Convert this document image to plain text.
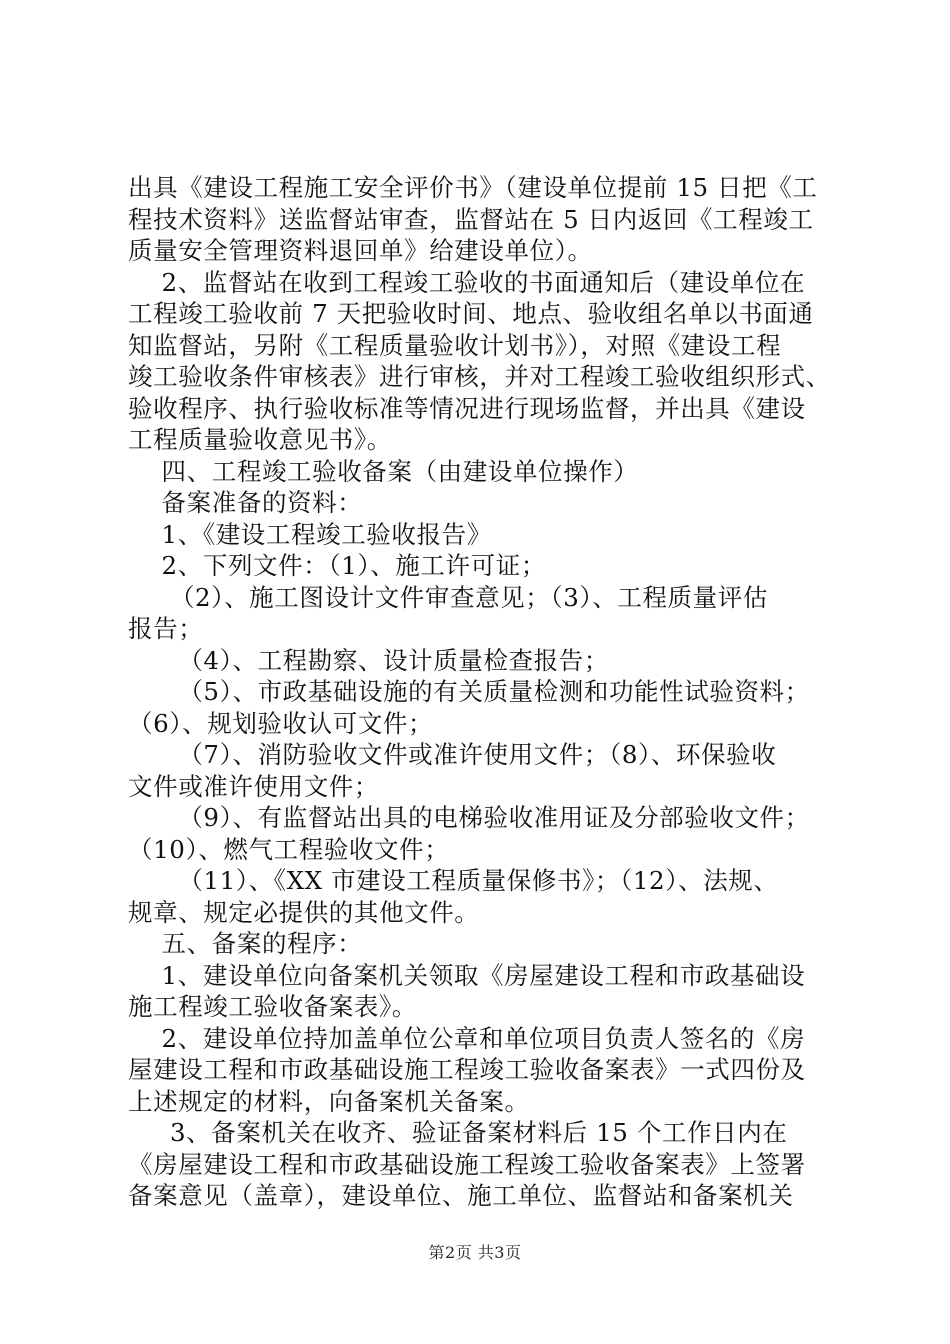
出具《建设工程施工安全评价书》（建设单位提前 15 日把《工
程技术资料》送监督站审查，监督站在 5 日内返回《工程竣工
质量安全管理资料退回单》给建设单位）。
2、监督站在收到工程竣工验收的书面通知后（建设单位在
工程竣工验收前 7 天把验收时间、地点、验收组名单以书面通
知监督站，另附《工程质量验收计划书》），对照《建设工程
竣工验收条件审核表》进行审核，并对工程竣工验收组织形式、
验收程序、执行验收标准等情况进行现场监督，并出具《建设
工程质量验收意见书》。
四、工程竣工验收备案（由建设单位操作）
备案准备的资料：
1、《建设工程竣工验收报告》
2、下列文件：（1）、施工许可证；
（2）、施工图设计文件审查意见；（3）、工程质量评估
报告；
（4）、工程勘察、设计质量检查报告；
（5）、市政基础设施的有关质量检测和功能性试验资料；
（6）、规划验收认可文件；
（7）、消防验收文件或准许使用文件；（8）、环保验收
文件或准许使用文件；
（9）、有监督站出具的电梯验收准用证及分部验收文件；
（10）、燃气工程验收文件；
（11）、《XX 市建设工程质量保修书》；（12）、法规、
规章、规定必提供的其他文件。
五、备案的程序：
1、建设单位向备案机关领取《房屋建设工程和市政基础设
施工程竣工验收备案表》。
2、建设单位持加盖单位公章和单位项目负责人签名的《房
屋建设工程和市政基础设施工程竣工验收备案表》一式四份及
上述规定的材料，向备案机关备案。
3、备案机关在收齐、验证备案材料后 15 个工作日内在
《房屋建设工程和市政基础设施工程竣工验收备案表》上签署
备案意见（盖章），建设单位、施工单位、监督站和备案机关
第2页 共3页
